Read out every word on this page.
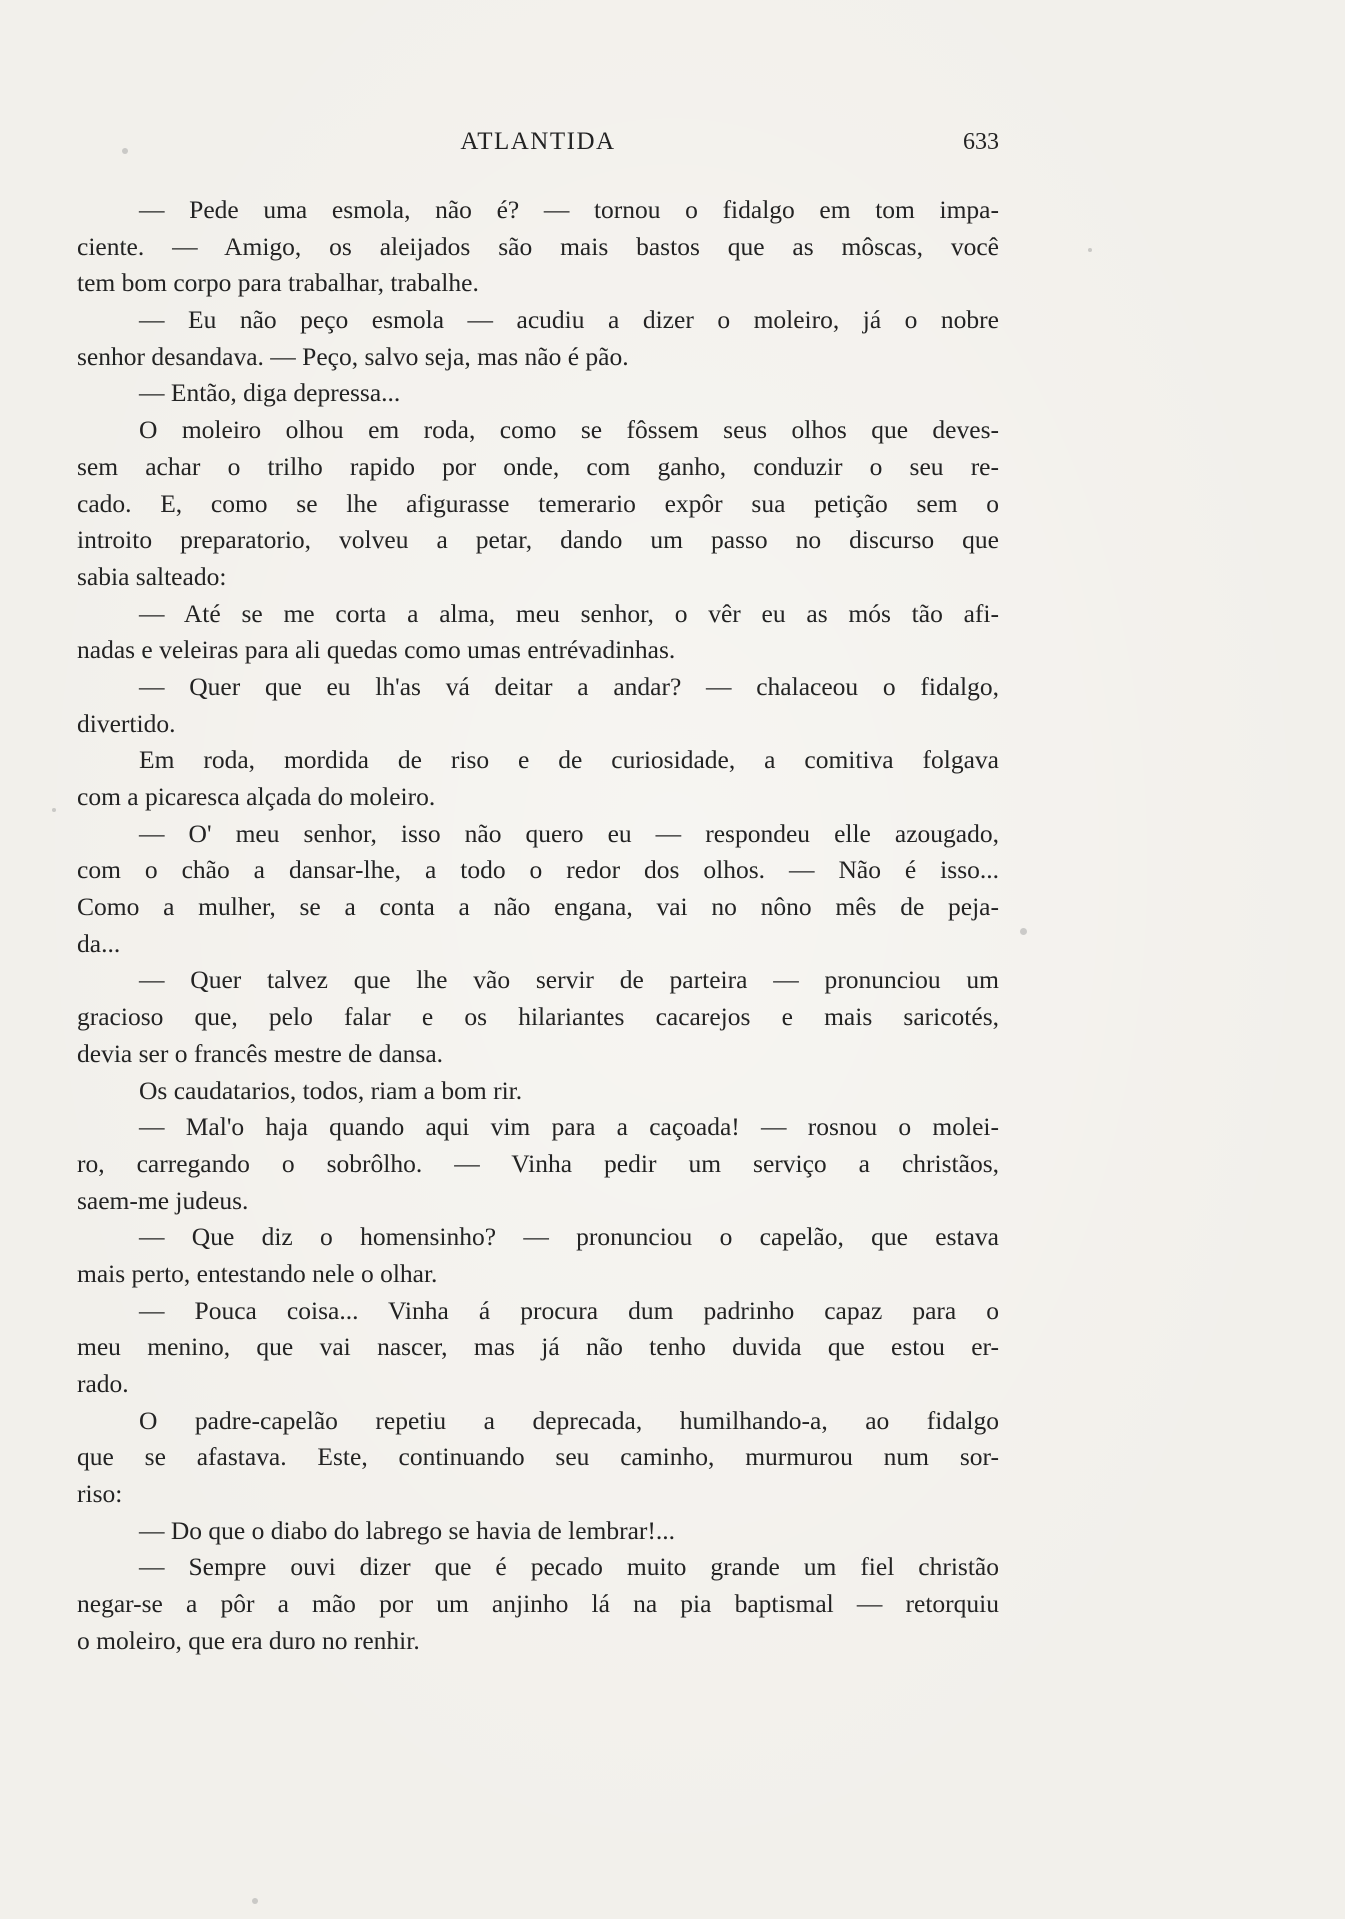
ATLANTIDA	633
— Pede uma esmola, não é? — tornou o fidalgo em tom impa-
ciente. — Amigo, os aleijados são mais bastos que as môscas, você
tem bom corpo para trabalhar, trabalhe.
— Eu não peço esmola — acudiu a dizer o moleiro, já o nobre
senhor desandava. — Peço, salvo seja, mas não é pão.
— Então, diga depressa...
O moleiro olhou em roda, como se fôssem seus olhos que deves-
sem achar o trilho rapido por onde, com ganho, conduzir o seu re-
cado. E, como se lhe afigurasse temerario expôr sua petição sem o
introito preparatorio, volveu a petar, dando um passo no discurso que
sabia salteado:
— Até se me corta a alma, meu senhor, o vêr eu as mós tão afi-
nadas e veleiras para ali quedas como umas entrévadinhas.
— Quer que eu lh'as vá deitar a andar? — chalaceou o fidalgo,
divertido.
Em roda, mordida de riso e de curiosidade, a comitiva folgava
com a picaresca alçada do moleiro.
— O' meu senhor, isso não quero eu — respondeu elle azougado,
com o chão a dansar-lhe, a todo o redor dos olhos. — Não é isso...
Como a mulher, se a conta a não engana, vai no nôno mês de peja-
da...
— Quer talvez que lhe vão servir de parteira — pronunciou um
gracioso que, pelo falar e os hilariantes cacarejos e mais saricotés,
devia ser o francês mestre de dansa.
Os caudatarios, todos, riam a bom rir.
— Mal'o haja quando aqui vim para a caçoada! — rosnou o molei-
ro, carregando o sobrôlho. — Vinha pedir um serviço a christãos,
saem-me judeus.
— Que diz o homensinho? — pronunciou o capelão, que estava
mais perto, entestando nele o olhar.
— Pouca coisa... Vinha á procura dum padrinho capaz para o
meu menino, que vai nascer, mas já não tenho duvida que estou er-
rado.
O padre-capelão repetiu a deprecada, humilhando-a, ao fidalgo
que se afastava. Este, continuando seu caminho, murmurou num sor-
riso:
— Do que o diabo do labrego se havia de lembrar!...
— Sempre ouvi dizer que é pecado muito grande um fiel christão
negar-se a pôr a mão por um anjinho lá na pia baptismal — retorquiu
o moleiro, que era duro no renhir.
